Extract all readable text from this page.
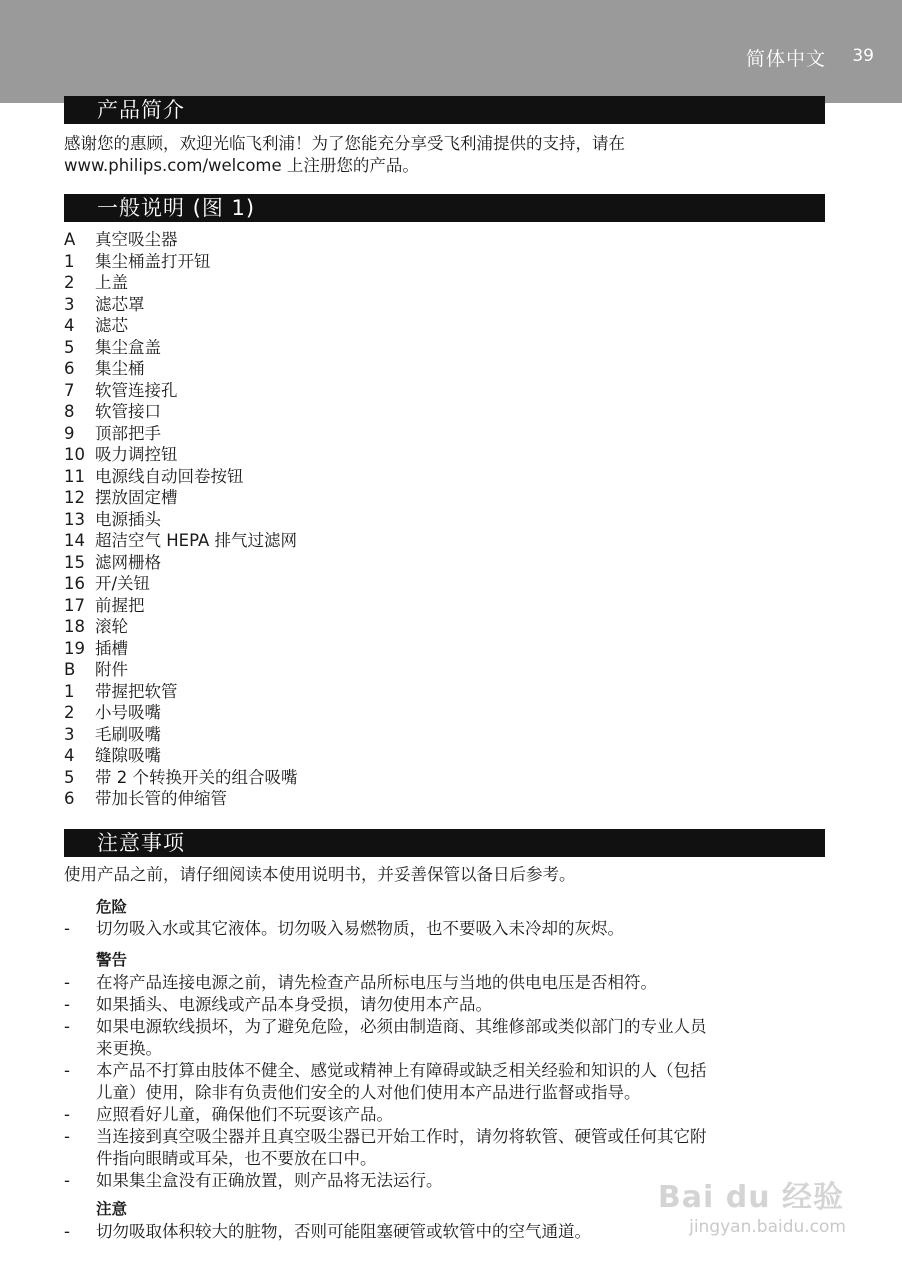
简体中文 39
产品简介
感谢您的惠顾，欢迎光临飞利浦！为了您能充分享受飞利浦提供的支持，请在
www.philips.com/welcome 上注册您的产品。
一般说明 (图 1)
A 真空吸尘器
1 集尘桶盖打开钮
2 上盖
3 滤芯罩
4 滤芯
5 集尘盒盖
6 集尘桶
7 软管连接孔
8 软管接口
9 顶部把手
10 吸力调控钮
11 电源线自动回卷按钮
12 摆放固定槽
13 电源插头
14 超洁空气 HEPA 排气过滤网
15 滤网栅格
16 开/关钮
17 前握把
18 滚轮
19 插槽
B 附件
1 带握把软管
2 小号吸嘴
3 毛刷吸嘴
4 缝隙吸嘴
5 带 2 个转换开关的组合吸嘴
6 带加长管的伸缩管
注意事项
使用产品之前，请仔细阅读本使用说明书，并妥善保管以备日后参考。
危险
- 切勿吸入水或其它液体。切勿吸入易燃物质，也不要吸入未冷却的灰烬。
警告
- 在将产品连接电源之前，请先检查产品所标电压与当地的供电电压是否相符。
- 如果插头、电源线或产品本身受损，请勿使用本产品。
- 如果电源软线损坏，为了避免危险，必须由制造商、其维修部或类似部门的专业人员
来更换。
- 本产品不打算由肢体不健全、感觉或精神上有障碍或缺乏相关经验和知识的人（包括
儿童）使用，除非有负责他们安全的人对他们使用本产品进行监督或指导。
- 应照看好儿童，确保他们不玩耍该产品。
- 当连接到真空吸尘器并且真空吸尘器已开始工作时，请勿将软管、硬管或任何其它附
件指向眼睛或耳朵，也不要放在口中。
- 如果集尘盒没有正确放置，则产品将无法运行。
注意
- 切勿吸取体积较大的脏物，否则可能阻塞硬管或软管中的空气通道。
Bai du 经验
jingyan.baidu.com
